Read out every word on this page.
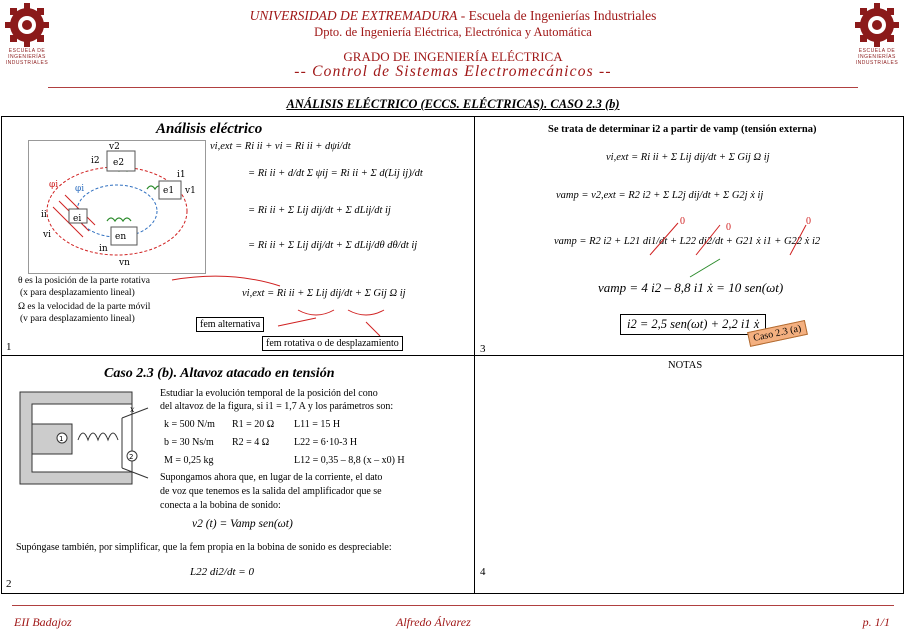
ESCUELA DE
INGENIERÍAS
INDUSTRIALES
ESCUELA DE
INGENIERÍAS
INDUSTRIALES
UNIVERSIDAD DE EXTREMADURA - Escuela de Ingenierías Industriales
Dpto. de Ingeniería Eléctrica, Electrónica y Automática
GRADO DE INGENIERÍA ELÉCTRICA
-- Control de Sistemas Electromecánicos --
ANÁLISIS ELÉCTRICO (ECCS. ELÉCTRICAS). CASO 2.3 (b)
Análisis eléctrico
v2
i2 e2
φi φi
i1
e1 v1
ii
vi
ei
in
en
vn
vi,ext = Ri ii + vi = Ri ii + dψi/dt
= Ri ii + d/dt Σ ψij = Ri ii + Σ d(Lij ij)/dt
= Ri ii + Σ Lij dij/dt + Σ dLij/dt ij
= Ri ii + Σ Lij dij/dt + Σ dLij/dθ dθ/dt ij
vi,ext = Ri ii + Σ Lij dij/dt + Σ Gij Ω ij
θ es la posición de la parte rotativa
(x para desplazamiento lineal)
Ω es la velocidad de la parte móvil
(v para desplazamiento lineal)	fem alternativa
fem rotativa o de desplazamiento
1
Caso 2.3 (b). Altavoz atacado en tensión
1
2
x
Estudiar la evolución temporal de la posición del cono
del altavoz de la figura, si i1 = 1,7 A y los parámetros son:
k = 500 N/m R1 = 20 Ω L11 = 15 H
b = 30 Ns/m R2 = 4 Ω L22 = 6·10-3 H
M = 0,25 kg	L12 = 0,35 – 8,8 (x – x0) H
Supongamos ahora que, en lugar de la corriente, el dato
de voz que tenemos es la salida del amplificador que se
conecta a la bobina de sonido:
v2 (t) = Vamp sen(ωt)
Supóngase también, por simplificar, que la fem propia en la bobina de sonido es despreciable:
L22 di2/dt = 0
2
Se trata de determinar i2 a partir de vamp (tensión externa)
vi,ext = Ri ii + Σ Lij dij/dt + Σ Gij Ω ij
vamp = v2,ext = R2 i2 + Σ L2j dij/dt + Σ G2j ẋ ij
vamp = R2 i2 + L21 di1/dt + L22 di2/dt + G21 ẋ i1 + G22 ẋ i2
0
0
0
vamp = 4 i2 – 8,8 i1 ẋ = 10 sen(ωt)
i2 = 2,5 sen(ωt) + 2,2 i1 ẋ
Caso 2.3 (a)
3
NOTAS
4
EII Badajoz	Alfredo Álvarez	p. 1/1
